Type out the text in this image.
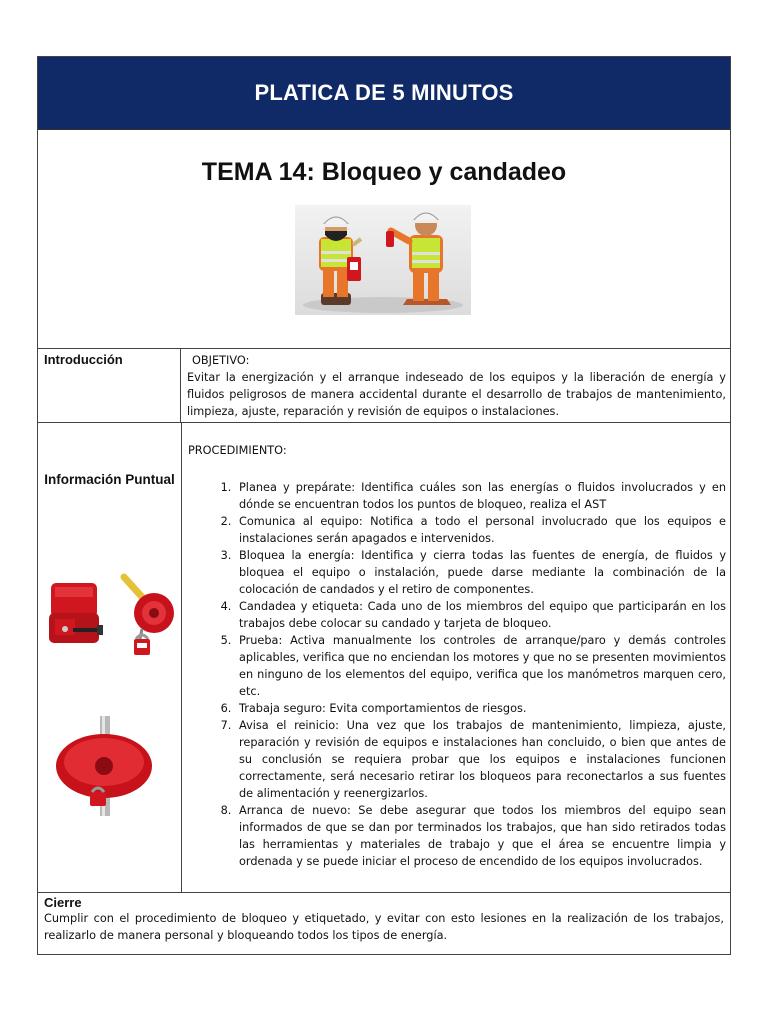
PLATICA DE 5 MINUTOS
TEMA 14: Bloqueo y candadeo
Introducción	OBJETIVO:
Evitar la energización y el arranque indeseado de los equipos y la liberación de energía y fluidos peligrosos de manera accidental durante el desarrollo de trabajos de mantenimiento, limpieza, ajuste, reparación y revisión de equipos o instalaciones.
Información Puntual
PROCEDIMIENTO:
1. Planea y prepárate: Identifica cuáles son las energías o fluidos involucrados y en dónde se encuentran todos los puntos de bloqueo, realiza el AST
2. Comunica al equipo: Notifica a todo el personal involucrado que los equipos e instalaciones serán apagados e intervenidos.
3. Bloquea la energía: Identifica y cierra todas las fuentes de energía, de fluidos y bloquea el equipo o instalación, puede darse mediante la combinación de la colocación de candados y el retiro de componentes.
4. Candadea y etiqueta: Cada uno de los miembros del equipo que participarán en los trabajos debe colocar su candado y tarjeta de bloqueo.
5. Prueba: Activa manualmente los controles de arranque/paro y demás controles aplicables, verifica que no enciendan los motores y que no se presenten movimientos en ninguno de los elementos del equipo, verifica que los manómetros marquen cero, etc.
6. Trabaja seguro: Evita comportamientos de riesgos.
7. Avisa el reinicio: Una vez que los trabajos de mantenimiento, limpieza, ajuste, reparación y revisión de equipos e instalaciones han concluido, o bien que antes de su conclusión se requiera probar que los equipos e instalaciones funcionen correctamente, será necesario retirar los bloqueos para reconectarlos a sus fuentes de alimentación y reenergizarlos.
8. Arranca de nuevo: Se debe asegurar que todos los miembros del equipo sean informados de que se dan por terminados los trabajos, que han sido retirados todas las herramientas y materiales de trabajo y que el área se encuentre limpia y ordenada y se puede iniciar el proceso de encendido de los equipos involucrados.
Cierre
Cumplir con el procedimiento de bloqueo y etiquetado, y evitar con esto lesiones en la realización de los trabajos, realizarlo de manera personal y bloqueando todos los tipos de energía.
